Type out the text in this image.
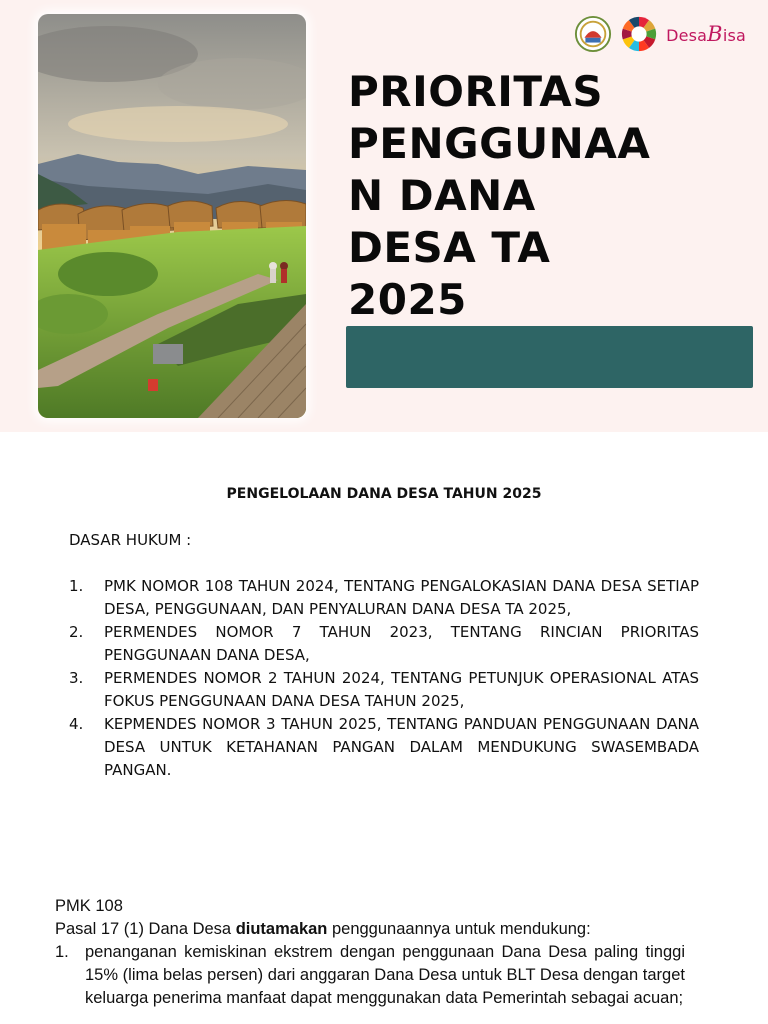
DesaBisa
PRIORITAS PENGGUNAA N DANA DESA TA 2025
PENGELOLAAN DANA DESA TAHUN 2025

DASAR HUKUM :

1. PMK NOMOR 108 TAHUN 2024, TENTANG PENGALOKASIAN DANA DESA SETIAP DESA, PENGGUNAAN, DAN PENYALURAN DANA DESA TA 2025,
2. PERMENDES NOMOR 7 TAHUN 2023, TENTANG RINCIAN PRIORITAS PENGGUNAAN DANA DESA,
3. PERMENDES NOMOR 2 TAHUN 2024, TENTANG PETUNJUK OPERASIONAL ATAS FOKUS PENGGUNAAN DANA DESA TAHUN 2025,
4. KEPMENDES NOMOR 3 TAHUN 2025, TENTANG PANDUAN PENGGUNAAN DANA DESA UNTUK KETAHANAN PANGAN DALAM MENDUKUNG SWASEMBADA PANGAN.

PMK 108

Pasal 17 (1) Dana Desa diutamakan penggunaannya untuk mendukung:

1. penanganan kemiskinan ekstrem dengan penggunaan Dana Desa paling tinggi 15% (lima belas persen) dari anggaran Dana Desa untuk BLT Desa dengan target keluarga penerima manfaat dapat menggunakan data Pemerintah sebagai acuan;
